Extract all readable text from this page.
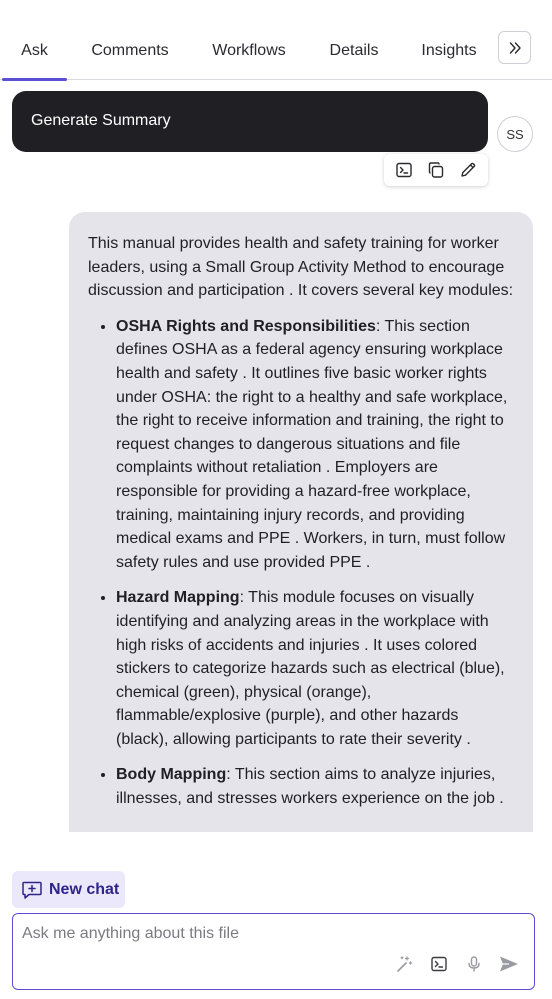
Ask	Comments	Workflows	Details	Insights
Generate Summary
SS

This manual provides health and safety training for worker leaders, using a Small Group Activity Method to encourage discussion and participation . It covers several key modules:

• OSHA Rights and Responsibilities: This section defines OSHA as a federal agency ensuring workplace health and safety . It outlines five basic worker rights under OSHA: the right to a healthy and safe workplace, the right to receive information and training, the right to request changes to dangerous situations and file complaints without retaliation . Employers are responsible for providing a hazard-free workplace, training, maintaining injury records, and providing medical exams and PPE . Workers, in turn, must follow safety rules and use provided PPE .
• Hazard Mapping: This module focuses on visually identifying and analyzing areas in the workplace with high risks of accidents and injuries . It uses colored stickers to categorize hazards such as electrical (blue), chemical (green), physical (orange), flammable/explosive (purple), and other hazards (black), allowing participants to rate their severity .
• Body Mapping: This section aims to analyze injuries, illnesses, and stresses workers experience on the job .
New chat
Ask me anything about this file
